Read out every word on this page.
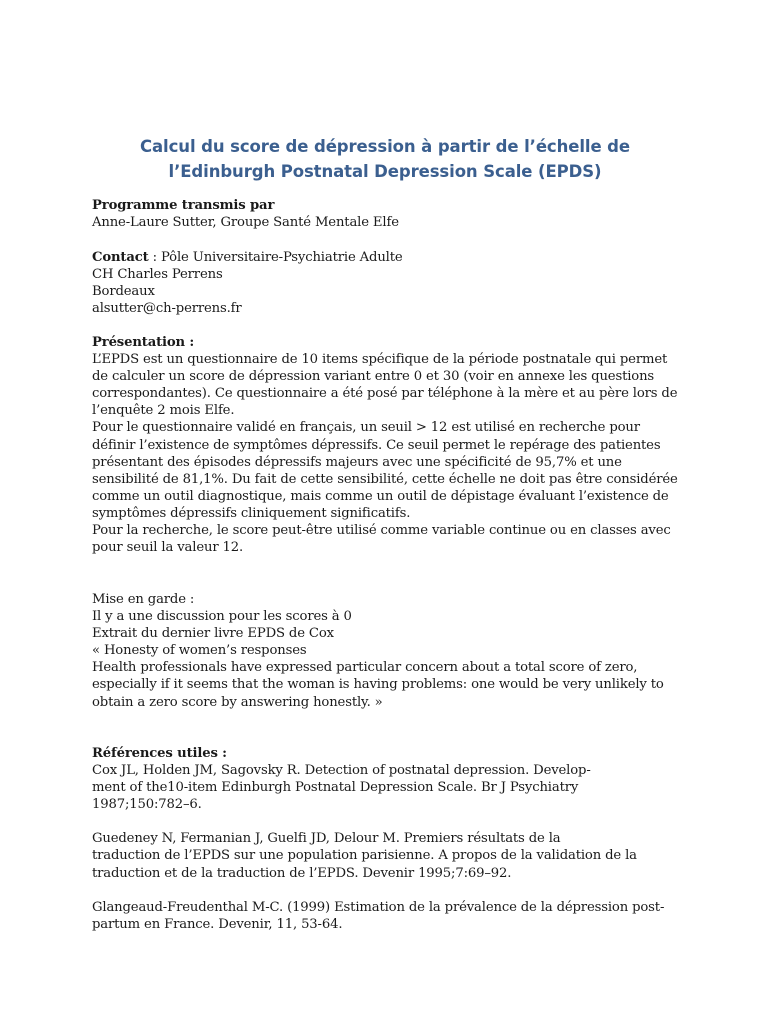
Calcul du score de dépression à partir de l’échelle de
l’Edinburgh Postnatal Depression Scale (EPDS)
Programme transmis par
Anne-Laure Sutter, Groupe Santé Mentale Elfe
Contact : Pôle Universitaire-Psychiatrie Adulte
CH Charles Perrens
Bordeaux
alsutter@ch-perrens.fr
Présentation :
L’EPDS est un questionnaire de 10 items spécifique de la période postnatale qui permet
de calculer un score de dépression variant entre 0 et 30 (voir en annexe les questions
correspondantes). Ce questionnaire a été posé par téléphone à la mère et au père lors de
l’enquête 2 mois Elfe.
Pour le questionnaire validé en français, un seuil > 12 est utilisé en recherche pour
définir l’existence de symptômes dépressifs. Ce seuil permet le repérage des patientes
présentant des épisodes dépressifs majeurs avec une spécificité de 95,7% et une
sensibilité de 81,1%. Du fait de cette sensibilité, cette échelle ne doit pas être considérée
comme un outil diagnostique, mais comme un outil de dépistage évaluant l’existence de
symptômes dépressifs cliniquement significatifs.
Pour la recherche, le score peut-être utilisé comme variable continue ou en classes avec
pour seuil la valeur 12.
Mise en garde :
Il y a une discussion pour les scores à 0
Extrait du dernier livre EPDS de Cox
« Honesty of women’s responses
Health professionals have expressed particular concern about a total score of zero,
especially if it seems that the woman is having problems: one would be very unlikely to
obtain a zero score by answering honestly. »
Références utiles :
Cox JL, Holden JM, Sagovsky R. Detection of postnatal depression. Develop-
ment of the10-item Edinburgh Postnatal Depression Scale. Br J Psychiatry
1987;150:782–6.
Guedeney N, Fermanian J, Guelfi JD, Delour M. Premiers résultats de la
traduction de l’EPDS sur une population parisienne. A propos de la validation de la
traduction et de la traduction de l’EPDS. Devenir 1995;7:69–92.
Glangeaud-Freudenthal M-C. (1999) Estimation de la prévalence de la dépression post-
partum en France. Devenir, 11, 53-64.
